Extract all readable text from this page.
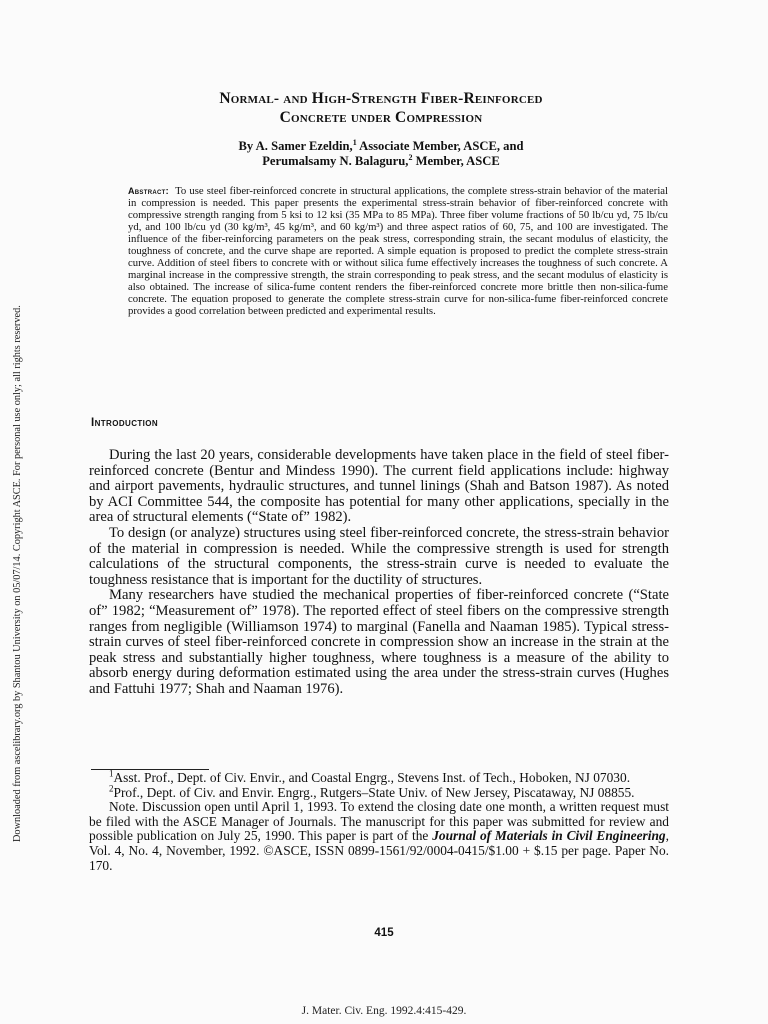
Downloaded from ascelibrary.org by Shantou University on 05/07/14. Copyright ASCE. For personal use only; all rights reserved.
Normal- and High-Strength Fiber-Reinforced
Concrete under Compression
By A. Samer Ezeldin,$^1$ Associate Member, ASCE, and
Perumalsamy N. Balaguru,$^2$ Member, ASCE
Abstract: To use steel fiber-reinforced concrete in structural applications, the complete stress-strain behavior of the material in compression is needed. This paper presents the experimental stress-strain behavior of fiber-reinforced concrete with compressive strength ranging from 5 ksi to 12 ksi (35 MPa to 85 MPa). Three fiber volume fractions of 50 lb/cu yd, 75 lb/cu yd, and 100 lb/cu yd (30 kg/m³, 45 kg/m³, and 60 kg/m³) and three aspect ratios of 60, 75, and 100 are investigated. The influence of the fiber-reinforcing parameters on the peak stress, corresponding strain, the secant modulus of elasticity, the toughness of concrete, and the curve shape are reported. A simple equation is proposed to predict the complete stress-strain curve. Addition of steel fibers to concrete with or without silica fume effectively increases the toughness of such concrete. A marginal increase in the compressive strength, the strain corresponding to peak stress, and the secant modulus of elasticity is also obtained. The increase of silica-fume content renders the fiber-reinforced concrete more brittle then non-silica-fume concrete. The equation proposed to generate the complete stress-strain curve for non-silica-fume fiber-reinforced concrete provides a good correlation between predicted and experimental results.
Introduction

During the last 20 years, considerable developments have taken place in the field of steel fiber-reinforced concrete (Bentur and Mindess 1990). The current field applications include: highway and airport pavements, hydraulic structures, and tunnel linings (Shah and Batson 1987). As noted by ACI Committee 544, the composite has potential for many other applications, specially in the area of structural elements (“State of” 1982).

To design (or analyze) structures using steel fiber-reinforced concrete, the stress-strain behavior of the material in compression is needed. While the compressive strength is used for strength calculations of the structural components, the stress-strain curve is needed to evaluate the toughness resistance that is important for the ductility of structures.

Many researchers have studied the mechanical properties of fiber-reinforced concrete (“State of” 1982; “Measurement of” 1978). The reported effect of steel fibers on the compressive strength ranges from negligible (Williamson 1974) to marginal (Fanella and Naaman 1985). Typical stress-strain curves of steel fiber-reinforced concrete in compression show an increase in the strain at the peak stress and substantially higher toughness, where toughness is a measure of the ability to absorb energy during deformation estimated using the area under the stress-strain curves (Hughes and Fattuhi 1977; Shah and Naaman 1976).

$^1$Asst. Prof., Dept. of Civ. Envir., and Coastal Engrg., Stevens Inst. of Tech., Hoboken, NJ 07030.

$^2$Prof., Dept. of Civ. and Envir. Engrg., Rutgers–State Univ. of New Jersey, Piscataway, NJ 08855.

Note. Discussion open until April 1, 1993. To extend the closing date one month, a written request must be filed with the ASCE Manager of Journals. The manuscript for this paper was submitted for review and possible publication on July 25, 1990. This paper is part of the Journal of Materials in Civil Engineering, Vol. 4, No. 4, November, 1992. ©ASCE, ISSN 0899-1561/92/0004-0415/$1.00 + $.15 per page. Paper No. 170.

415
J. Mater. Civ. Eng. 1992.4:415-429.
